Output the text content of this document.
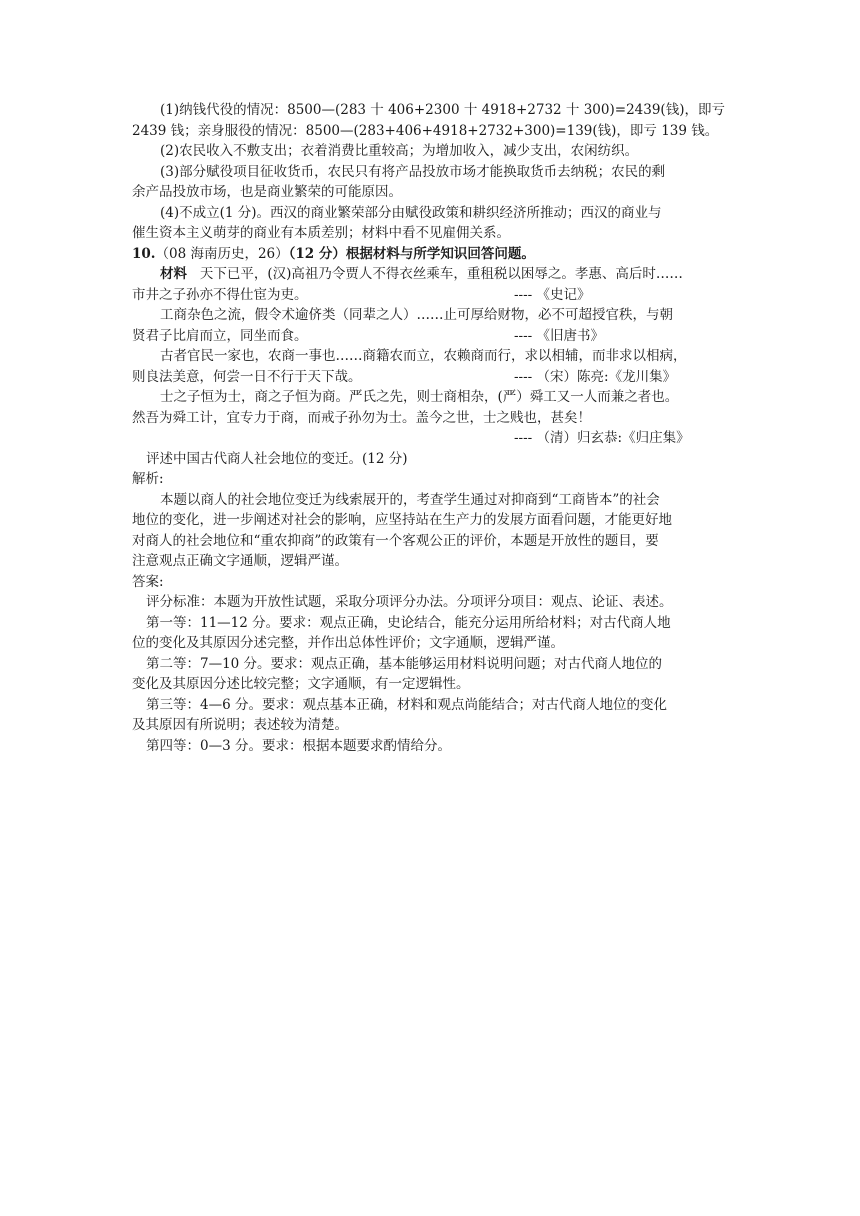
(1)纳钱代役的情况：8500—(283 十 406+2300 十 4918+2732 十 300)=2439(钱)，即亏
2439 钱；亲身服役的情况：8500—(283+406+4918+2732+300)=139(钱)，即亏 139 钱。
(2)农民收入不敷支出；衣着消费比重较高；为增加收入，减少支出，农闲纺织。
(3)部分赋役项目征收货币，农民只有将产品投放市场才能换取货币去纳税；农民的剩
余产品投放市场，也是商业繁荣的可能原因。
(4)不成立(1 分)。西汉的商业繁荣部分由赋役政策和耕织经济所推动；西汉的商业与
催生资本主义萌芽的商业有本质差别；材料中看不见雇佣关系。
10.（08 海南历史，26）（12 分）根据材料与所学知识回答问题。
材料 天下已平，(汉)高祖乃令贾人不得衣丝乘车，重租税以困辱之。孝惠、高后时……
市井之子孙亦不得仕宦为吏。	---- 《史记》
工商杂色之流，假令术逾侪类（同辈之人）……止可厚给财物，必不可超授官秩，与朝
贤君子比肩而立，同坐而食。	---- 《旧唐书》
古者官民一家也，农商一事也……商籍农而立，农赖商而行，求以相辅，而非求以相病，
则良法美意，何尝一日不行于天下哉。	---- （宋）陈亮:《龙川集》
士之子恒为士，商之子恒为商。严氏之先，则士商相杂，(严）舜工又一人而兼之者也。
然吾为舜工计，宜专力于商，而戒子孙勿为士。盖今之世，士之贱也，甚矣！
---- （清）归玄恭:《归庄集》
评述中国古代商人社会地位的变迁。(12 分)
解析:
本题以商人的社会地位变迁为线索展开的，考查学生通过对抑商到“工商皆本”的社会
地位的变化，进一步阐述对社会的影响，应坚持站在生产力的发展方面看问题，才能更好地
对商人的社会地位和“重农抑商”的政策有一个客观公正的评价，本题是开放性的题目，要
注意观点正确文字通顺，逻辑严谨。
答案:
评分标准：本题为开放性试题，采取分项评分办法。分项评分项目：观点、论证、表述。
第一等：11—12 分。要求：观点正确，史论结合，能充分运用所给材料；对古代商人地
位的变化及其原因分述完整，并作出总体性评价；文字通顺，逻辑严谨。
第二等：7—10 分。要求：观点正确，基本能够运用材料说明问题；对古代商人地位的
变化及其原因分述比较完整；文字通顺，有一定逻辑性。
第三等：4—6 分。要求：观点基本正确，材料和观点尚能结合；对古代商人地位的变化
及其原因有所说明；表述较为清楚。
第四等：0—3 分。要求：根据本题要求酌情给分。
